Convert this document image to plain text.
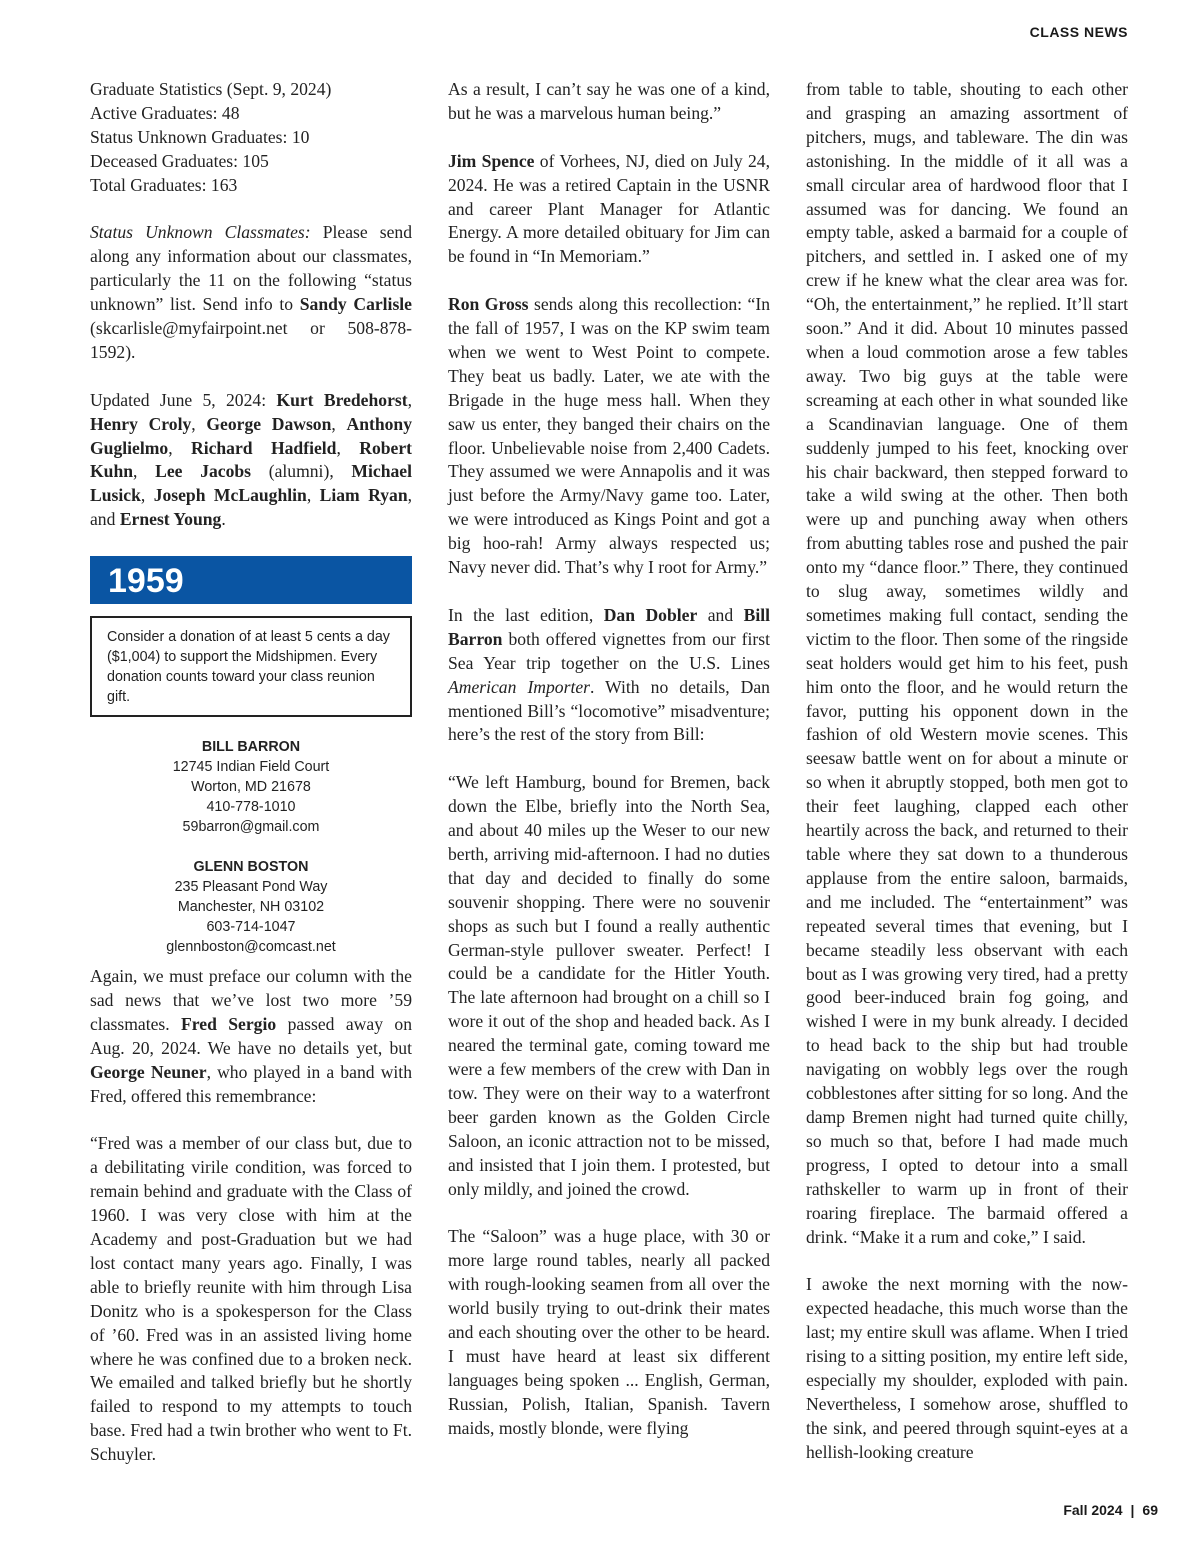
CLASS NEWS
Graduate Statistics (Sept. 9, 2024)
Active Graduates: 48
Status Unknown Graduates: 10
Deceased Graduates: 105
Total Graduates: 163

Status Unknown Classmates: Please send along any information about our classmates, particularly the 11 on the following “status unknown” list. Send info to Sandy Carlisle (skcarlisle@myfairpoint.net or 508-878-1592).

Updated June 5, 2024: Kurt Bredehorst, Henry Croly, George Dawson, Anthony Guglielmo, Richard Hadfield, Robert Kuhn, Lee Jacobs (alumni), Michael Lusick, Joseph McLaughlin, Liam Ryan, and Ernest Young.

1959
Consider a donation of at least 5 cents a day ($1,004) to support the Midshipmen. Every donation counts toward your class reunion gift.
BILL BARRON
12745 Indian Field Court
Worton, MD 21678
410-778-1010
59barron@gmail.com
GLENN BOSTON
235 Pleasant Pond Way
Manchester, NH 03102
603-714-1047
glennboston@comcast.net

Again, we must preface our column with the sad news that we’ve lost two more ’59 classmates. Fred Sergio passed away on Aug. 20, 2024. We have no details yet, but George Neuner, who played in a band with Fred, offered this remembrance:

“Fred was a member of our class but, due to a debilitating virile condition, was forced to remain behind and graduate with the Class of 1960. I was very close with him at the Academy and post-Graduation but we had lost contact many years ago. Finally, I was able to briefly reunite with him through Lisa Donitz who is a spokesperson for the Class of ’60. Fred was in an assisted living home where he was confined due to a broken neck. We emailed and talked briefly but he shortly failed to respond to my attempts to touch base. Fred had a twin brother who went to Ft. Schuyler.

As a result, I can’t say he was one of a kind, but he was a marvelous human being.”

Jim Spence of Vorhees, NJ, died on July 24, 2024. He was a retired Captain in the USNR and career Plant Manager for Atlantic Energy. A more detailed obituary for Jim can be found in “In Memoriam.”

Ron Gross sends along this recollection: “In the fall of 1957, I was on the KP swim team when we went to West Point to compete. They beat us badly. Later, we ate with the Brigade in the huge mess hall. When they saw us enter, they banged their chairs on the floor. Unbelievable noise from 2,400 Cadets. They assumed we were Annapolis and it was just before the Army/Navy game too. Later, we were introduced as Kings Point and got a big hoo-rah! Army always respected us; Navy never did. That’s why I root for Army.”

In the last edition, Dan Dobler and Bill Barron both offered vignettes from our first Sea Year trip together on the U.S. Lines American Importer. With no details, Dan mentioned Bill’s “locomotive” misadventure; here’s the rest of the story from Bill:

“We left Hamburg, bound for Bremen, back down the Elbe, briefly into the North Sea, and about 40 miles up the Weser to our new berth, arriving mid-afternoon. I had no duties that day and decided to finally do some souvenir shopping. There were no souvenir shops as such but I found a really authentic German-style pullover sweater. Perfect! I could be a candidate for the Hitler Youth. The late afternoon had brought on a chill so I wore it out of the shop and headed back. As I neared the terminal gate, coming toward me were a few members of the crew with Dan in tow. They were on their way to a waterfront beer garden known as the Golden Circle Saloon, an iconic attraction not to be missed, and insisted that I join them. I protested, but only mildly, and joined the crowd.

The “Saloon” was a huge place, with 30 or more large round tables, nearly all packed with rough-looking seamen from all over the world busily trying to out-drink their mates and each shouting over the other to be heard. I must have heard at least six different languages being spoken ... English, German, Russian, Polish, Italian, Spanish. Tavern maids, mostly blonde, were flying

from table to table, shouting to each other and grasping an amazing assortment of pitchers, mugs, and tableware. The din was astonishing. In the middle of it all was a small circular area of hardwood floor that I assumed was for dancing. We found an empty table, asked a barmaid for a couple of pitchers, and settled in. I asked one of my crew if he knew what the clear area was for. “Oh, the entertainment,” he replied. It’ll start soon.” And it did. About 10 minutes passed when a loud commotion arose a few tables away. Two big guys at the table were screaming at each other in what sounded like a Scandinavian language. One of them suddenly jumped to his feet, knocking over his chair backward, then stepped forward to take a wild swing at the other. Then both were up and punching away when others from abutting tables rose and pushed the pair onto my “dance floor.” There, they continued to slug away, sometimes wildly and sometimes making full contact, sending the victim to the floor. Then some of the ringside seat holders would get him to his feet, push him onto the floor, and he would return the favor, putting his opponent down in the fashion of old Western movie scenes. This seesaw battle went on for about a minute or so when it abruptly stopped, both men got to their feet laughing, clapped each other heartily across the back, and returned to their table where they sat down to a thunderous applause from the entire saloon, barmaids, and me included. The “entertainment” was repeated several times that evening, but I became steadily less observant with each bout as I was growing very tired, had a pretty good beer-induced brain fog going, and wished I were in my bunk already. I decided to head back to the ship but had trouble navigating on wobbly legs over the rough cobblestones after sitting for so long. And the damp Bremen night had turned quite chilly, so much so that, before I had made much progress, I opted to detour into a small rathskeller to warm up in front of their roaring fireplace. The barmaid offered a drink. “Make it a rum and coke,” I said.

I awoke the next morning with the now-expected headache, this much worse than the last; my entire skull was aflame. When I tried rising to a sitting position, my entire left side, especially my shoulder, exploded with pain. Nevertheless, I somehow arose, shuffled to the sink, and peered through squint-eyes at a hellish-looking creature

Fall 2024 | 69
